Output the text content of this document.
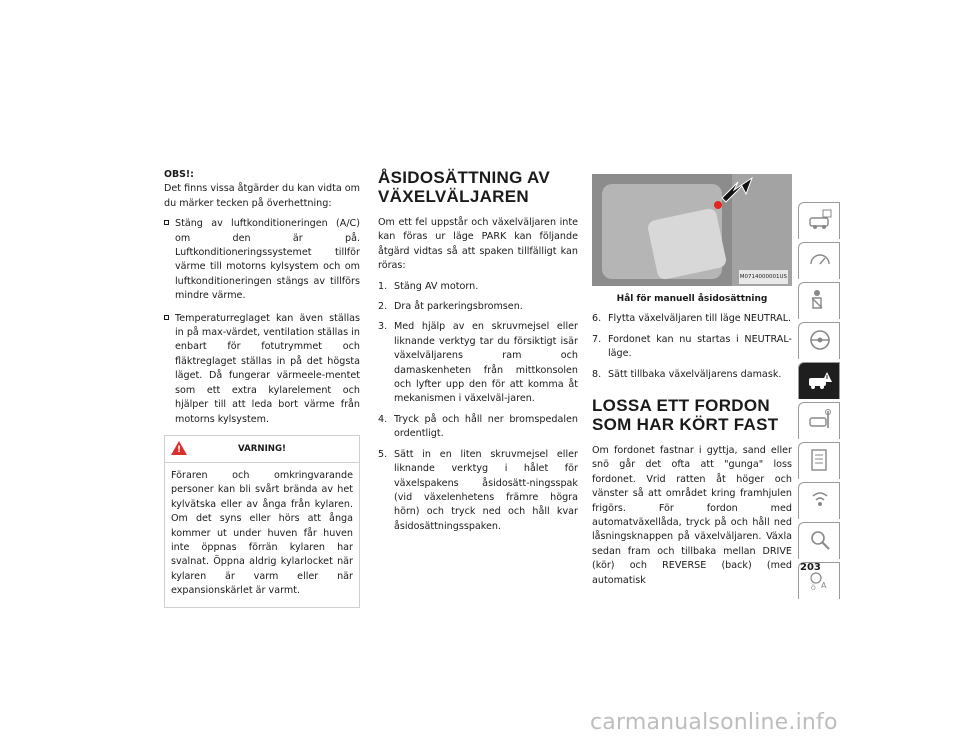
OBS!:

Det finns vissa åtgärder du kan vidta om du märker tecken på överhettning:

Stäng av luftkonditioneringen (A/C) om den är på. Luftkonditioneringssystemet tillför värme till motorns kylsystem och om luftkonditioneringen stängs av tillförs mindre värme.
Temperaturreglaget kan även ställas in på max-värdet, ventilation ställas in enbart för fotutrymmet och fläktreglaget ställas in på det högsta läget. Då fungerar värmeele-mentet som ett extra kylarelement och hjälper till att leda bort värme från motorns kylsystem.
!	VARNING!
Föraren och omkringvarande personer kan bli svårt brända av het kylvätska eller av ånga från kylaren. Om det syns eller hörs att ånga kommer ut under huven får huven inte öppnas förrän kylaren har svalnat. Öppna aldrig kylarlocket när kylaren är varm eller när expansionskärlet är varmt.
ÅSIDOSÄTTNING AV VÄXELVÄLJAREN

Om ett fel uppstår och växelväljaren inte kan föras ur läge PARK kan följande åtgärd vidtas så att spaken tillfälligt kan röras:

1. Stäng AV motorn.
2. Dra åt parkeringsbromsen.
3. Med hjälp av en skruvmejsel eller liknande verktyg tar du försiktigt isär växelväljarens ram och damaskenheten från mittkonsolen och lyfter upp den för att komma åt mekanismen i växelväl-jaren.
4. Tryck på och håll ner bromspedalen ordentligt.
5. Sätt in en liten skruvmejsel eller liknande verktyg i hålet för växelspakens åsidosätt-ningsspak (vid växelenhetens främre högra hörn) och tryck ned och håll kvar åsidosättningsspaken.
M0714000001US
Hål för manuell åsidosättning
6. Flytta växelväljaren till läge NEUTRAL.
7. Fordonet kan nu startas i NEUTRAL-läge.
8. Sätt tillbaka växelväljarens damask.
LOSSA ETT FORDON SOM HAR KÖRT FAST

Om fordonet fastnar i gyttja, sand eller snö går det ofta att "gunga" loss fordonet. Vrid ratten åt höger och vänster så att området kring framhjulen frigörs. För fordon med automatväxellåda, tryck på och håll ned låsningsknappen på växelväljaren. Växla sedan fram och tillbaka mellan DRIVE (kör) och REVERSE (back) (med automatisk	A
Ö
203
carmanualsonline.info
